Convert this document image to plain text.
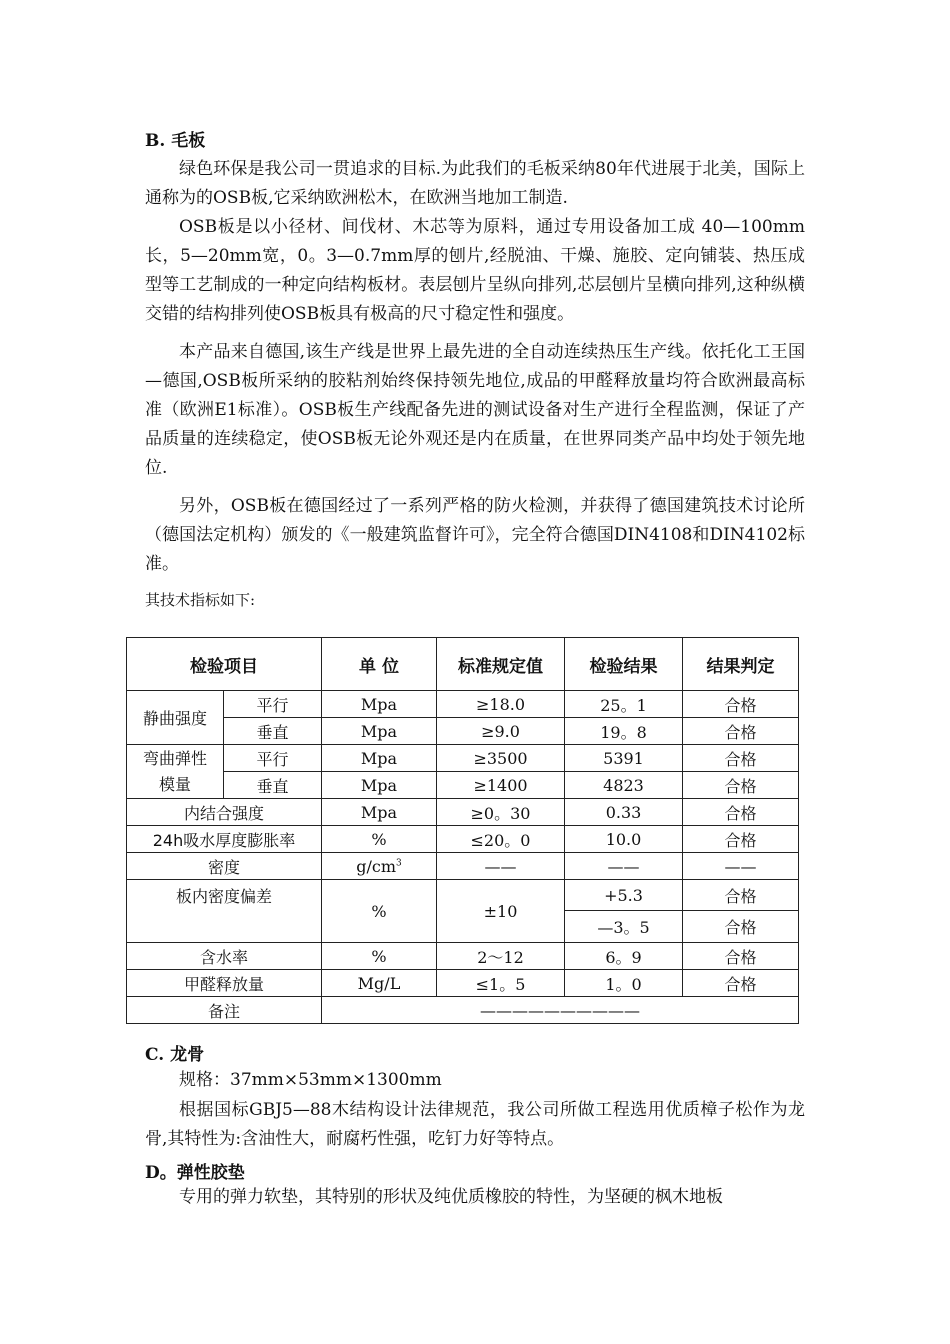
B. 毛板

绿色环保是我公司一贯追求的目标.为此我们的毛板采纳80年代进展于北美，国际上通称为的OSB板,它采纳欧洲松木，在欧洲当地加工制造.

OSB板是以小径材、间伐材、木芯等为原料，通过专用设备加工成 40—100mm 长，5—20mm宽，0。3—0.7mm厚的刨片,经脱油、干燥、施胶、定向铺装、热压成型等工艺制成的一种定向结构板材。表层刨片呈纵向排列,芯层刨片呈横向排列,这种纵横交错的结构排列使OSB板具有极高的尺寸稳定性和强度。

本产品来自德国,该生产线是世界上最先进的全自动连续热压生产线。依托化工王国—德国,OSB板所采纳的胶粘剂始终保持领先地位,成品的甲醛释放量均符合欧洲最高标准（欧洲E1标准）。OSB板生产线配备先进的测试设备对生产进行全程监测，保证了产品质量的连续稳定，使OSB板无论外观还是内在质量，在世界同类产品中均处于领先地位.

另外，OSB板在德国经过了一系列严格的防火检测，并获得了德国建筑技术讨论所（德国法定机构）颁发的《一般建筑监督许可》，完全符合德国DIN4108和DIN4102标准。

其技术指标如下:
检验项目		单 位	标准规定值	检验结果	结果判定
静曲强度	平行	Mpa	≥18.0	25。1	合格
	垂直	Mpa	≥9.0	19。8	合格
弯曲弹性模量	平行	Mpa	≥3500	5391	合格
	垂直	Mpa	≥1400	4823	合格
内结合强度		Mpa	≥0。30	0.33	合格
24h吸水厚度膨胀率		%	≤20。0	10.0	合格
密度		$g/cm^3$	——	——	——
板内密度偏差		%	±10	+5.3	合格
				—3。5	合格
含水率		%	2～12	6。9	合格
甲醛释放量		Mg/L	≤1。5	1。0	合格
备注		——————————			
C. 龙骨

规格：37mm×53mm×1300mm

根据国标GBJ5—88木结构设计法律规范，我公司所做工程选用优质樟子松作为龙骨,其特性为:含油性大，耐腐朽性强，吃钉力好等特点。

D。弹性胶垫

专用的弹力软垫，其特别的形状及纯优质橡胶的特性，为坚硬的枫木地板
